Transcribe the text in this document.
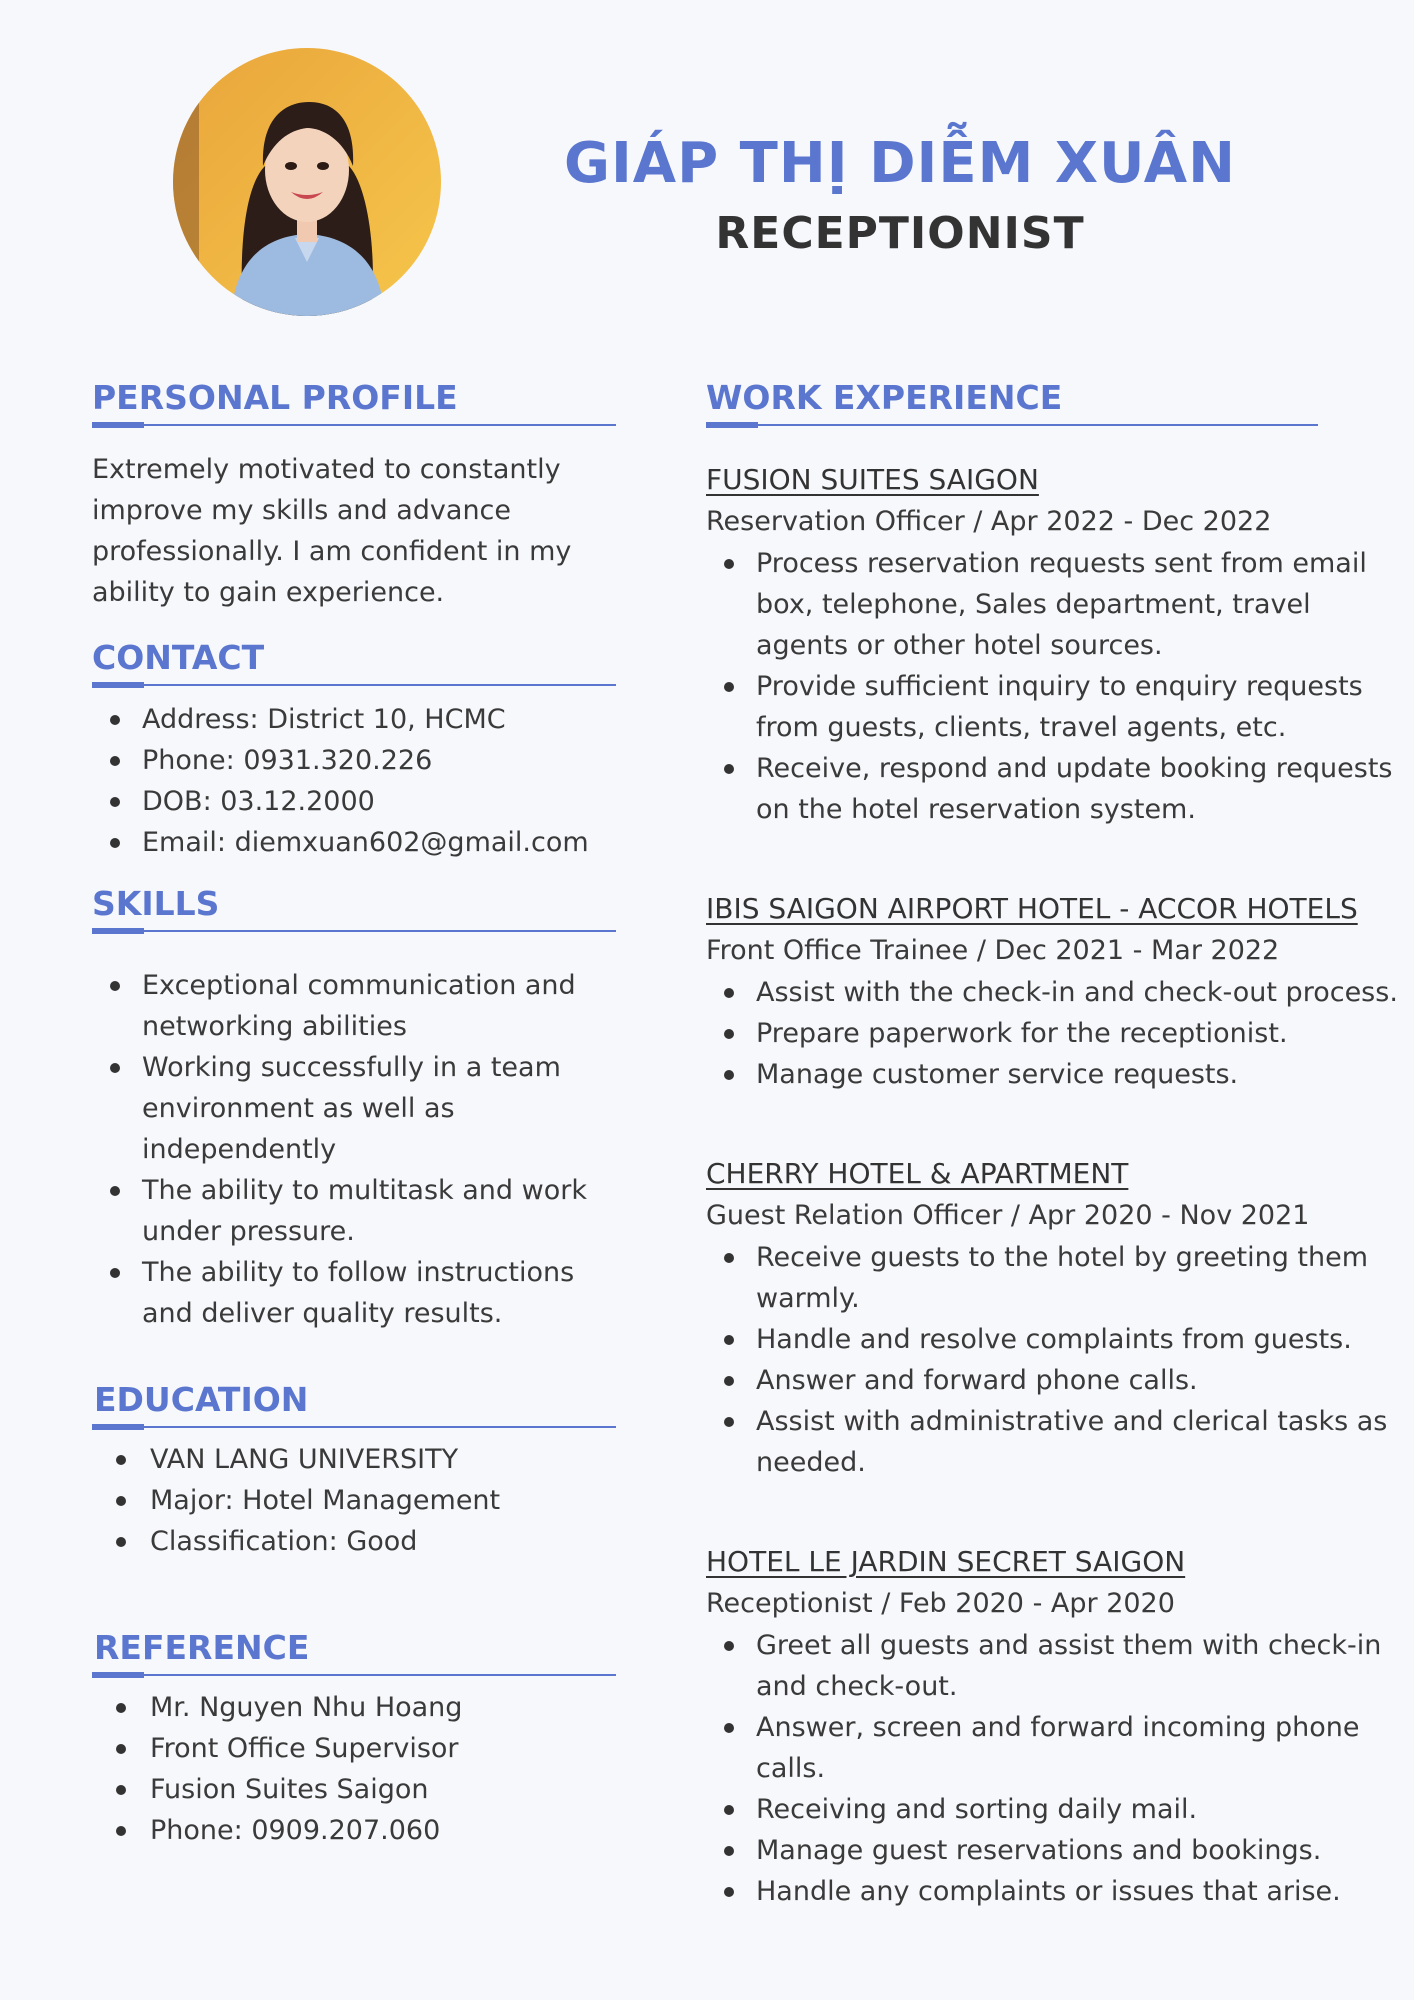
GIÁP THỊ DIỄM XUÂN
RECEPTIONIST
PERSONAL PROFILE

Extremely motivated to constantly improve my skills and advance professionally. I am confident in my ability to gain experience.

CONTACT
Address: District 10, HCMC
Phone: 0931.320.226
DOB: 03.12.2000
Email: diemxuan602@gmail.com
SKILLS
Exceptional communication and networking abilities
Working successfully in a team environment as well as independently
The ability to multitask and work under pressure.
The ability to follow instructions and deliver quality results.
EDUCATION
VAN LANG UNIVERSITY
Major: Hotel Management
Classification: Good
REFERENCE
Mr. Nguyen Nhu Hoang
Front Office Supervisor
Fusion Suites Saigon
Phone: 0909.207.060
WORK EXPERIENCE

FUSION SUITES SAIGON

Reservation Officer / Apr 2022 - Dec 2022

Process reservation requests sent from email box, telephone, Sales department, travel agents or other hotel sources.
Provide sufficient inquiry to enquiry requests from guests, clients, travel agents, etc.
Receive, respond and update booking requests on the hotel reservation system.

IBIS SAIGON AIRPORT HOTEL - ACCOR HOTELS

Front Office Trainee / Dec 2021 - Mar 2022

Assist with the check-in and check-out process.
Prepare paperwork for the receptionist.
Manage customer service requests.

CHERRY HOTEL & APARTMENT

Guest Relation Officer / Apr 2020 - Nov 2021

Receive guests to the hotel by greeting them warmly.
Handle and resolve complaints from guests.
Answer and forward phone calls.
Assist with administrative and clerical tasks as needed.

HOTEL LE JARDIN SECRET SAIGON

Receptionist / Feb 2020 - Apr 2020

Greet all guests and assist them with check-in and check-out.
Answer, screen and forward incoming phone calls.
Receiving and sorting daily mail.
Manage guest reservations and bookings.
Handle any complaints or issues that arise.
